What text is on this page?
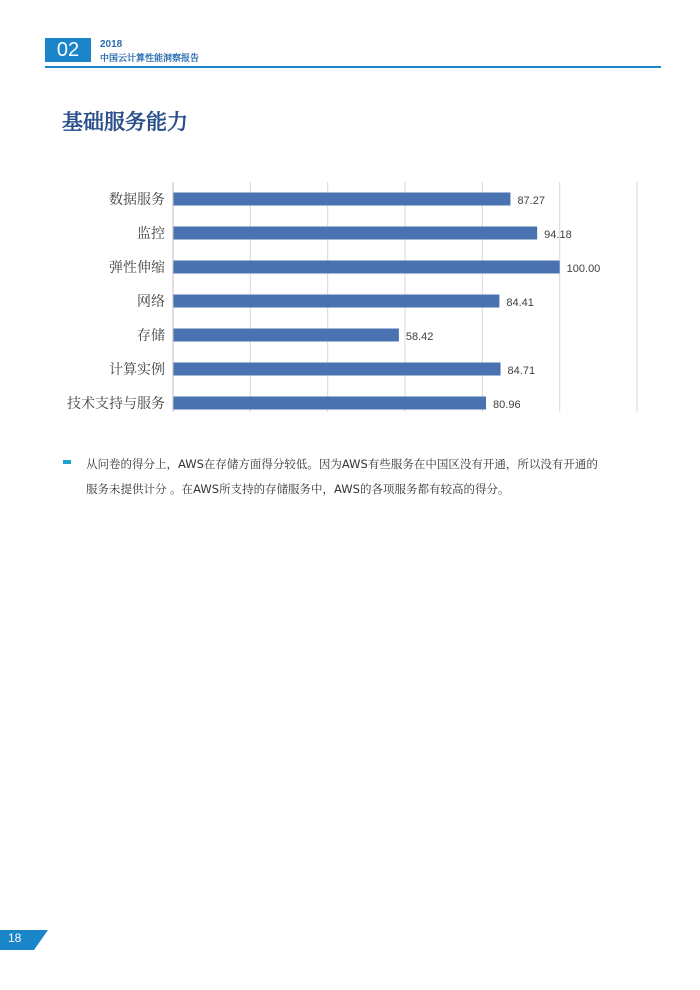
02	2018
中国云计算性能洞察报告
基础服务能力
数据服务	87.27
监控	94.18
弹性伸缩	100.00
网络	84.41
存储	58.42
计算实例	84.71
技术支持与服务	80.96
从问卷的得分上，AWS在存储方面得分较低。因为AWS有些服务在中国区没有开通，所以没有开通的
服务未提供计分 。在AWS所支持的存储服务中，AWS的各项服务都有较高的得分。
18
